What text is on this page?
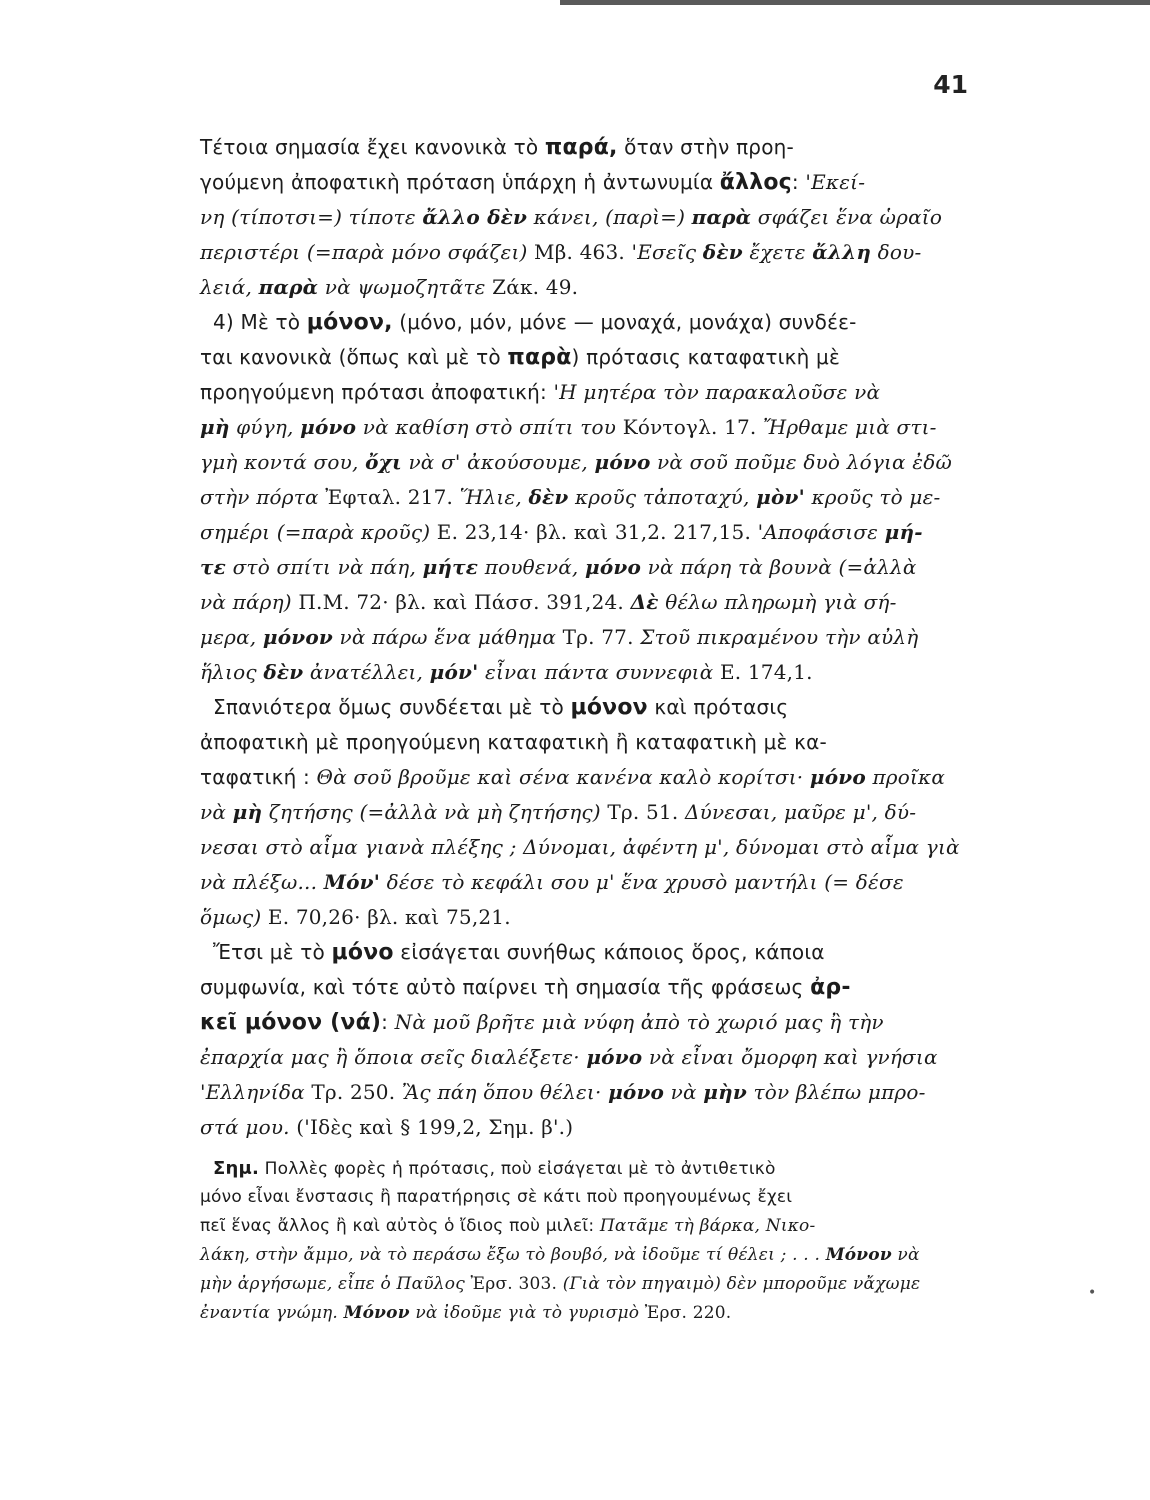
41
Τέτοια σημασία ἔχει κανονικὰ τὸ παρά, ὅταν στὴν προη-
γούμενη ἀποφατικὴ πρόταση ὑπάρχη ἡ ἀντωνυμία ἄλλος: 'Εκεί-
νη (τίποτσι=) τίποτε ἄλλο δὲν κάνει, (παρὶ=) παρὰ σφάζει ἕνα ὡραῖο
περιστέρι (=παρὰ μόνο σφάζει) Μβ. 463. 'Εσεῖς δὲν ἔχετε ἄλλη δου-
λειά, παρὰ νὰ ψωμοζητᾶτε Ζάκ. 49.
4) Μὲ τὸ μόνον, (μόνο, μόν, μόνε — μοναχά, μονάχα) συνδέε-
ται κανονικὰ (ὅπως καὶ μὲ τὸ παρὰ) πρότασις καταφατικὴ μὲ
προηγούμενη πρότασι ἀποφατική: 'Η μητέρα τὸν παρακαλοῦσε νὰ
μὴ φύγη, μόνο νὰ καθίση στὸ σπίτι του Κόντογλ. 17. Ἤρθαμε μιὰ στι-
γμὴ κοντά σου, ὄχι νὰ σ' ἀκούσουμε, μόνο νὰ σοῦ ποῦμε δυὸ λόγια ἐδῶ
στὴν πόρτα Ἐφταλ. 217. Ἥλιε, δὲν κροῦς τἀποταχύ, μὸν' κροῦς τὸ με-
σημέρι (=παρὰ κροῦς) Ε. 23,14· βλ. καὶ 31,2. 217,15. 'Αποφάσισε μή-
τε στὸ σπίτι νὰ πάη, μήτε πουθενά, μόνο νὰ πάρη τὰ βουνὰ (=ἀλλὰ
νὰ πάρη) Π.Μ. 72· βλ. καὶ Πάσσ. 391,24. Δὲ θέλω πληρωμὴ γιὰ σή-
μερα, μόνον νὰ πάρω ἕνα μάθημα Τρ. 77. Στοῦ πικραμένου τὴν αὐλὴ
ἥλιος δὲν ἀνατέλλει, μόν' εἶναι πάντα συννεφιὰ Ε. 174,1.
Σπανιότερα ὅμως συνδέεται μὲ τὸ μόνον καὶ πρότασις
ἀποφατικὴ μὲ προηγούμενη καταφατικὴ ἢ καταφατικὴ μὲ κα-
ταφατική : Θὰ σοῦ βροῦμε καὶ σένα κανένα καλὸ κορίτσι· μόνο προῖκα
νὰ μὴ ζητήσης (=ἀλλὰ νὰ μὴ ζητήσης) Τρ. 51. Δύνεσαι, μαῦρε μ', δύ-
νεσαι στὸ αἷμα γιανὰ πλέξης ; Δύνομαι, ἀφέντη μ', δύνομαι στὸ αἷμα γιὰ
νὰ πλέξω... Μόν' δέσε τὸ κεφάλι σου μ' ἕνα χρυσὸ μαντήλι (= δέσε
ὅμως) Ε. 70,26· βλ. καὶ 75,21.
Ἔτσι μὲ τὸ μόνο εἰσάγεται συνήθως κάποιος ὅρος, κάποια
συμφωνία, καὶ τότε αὐτὸ παίρνει τὴ σημασία τῆς φράσεως ἀρ-
κεῖ μόνον (νά): Νὰ μοῦ βρῆτε μιὰ νύφη ἀπὸ τὸ χωριό μας ἢ τὴν
ἐπαρχία μας ἢ ὅποια σεῖς διαλέξετε· μόνο νὰ εἶναι ὄμορφη καὶ γνήσια
'Ελληνίδα Τρ. 250. Ἂς πάη ὅπου θέλει· μόνο νὰ μὴν τὸν βλέπω μπρο-
στά μου. ('Ιδὲς καὶ § 199,2, Σημ. β'.)
Σημ. Πολλὲς φορὲς ἡ πρότασις, ποὺ εἰσάγεται μὲ τὸ ἀντιθετικὸ
μόνο εἶναι ἔνστασις ἢ παρατήρησις σὲ κάτι ποὺ προηγουμένως ἔχει
πεῖ ἕνας ἄλλος ἢ καὶ αὐτὸς ὁ ἴδιος ποὺ μιλεῖ: Πατᾶμε τὴ βάρκα, Νικο-
λάκη, στὴν ἄμμο, νὰ τὸ περάσω ἔξω τὸ βουβό, νὰ ἰδοῦμε τί θέλει ; . . . Μόνον νὰ
μὴν ἀργήσωμε, εἶπε ὁ Παῦλος Ἐρσ. 303. (Γιὰ τὸν πηγαιμὸ) δὲν μποροῦμε νἄχωμε
ἐναντία γνώμη. Μόνον νὰ ἰδοῦμε γιὰ τὸ γυρισμὸ Ἐρσ. 220.
•
